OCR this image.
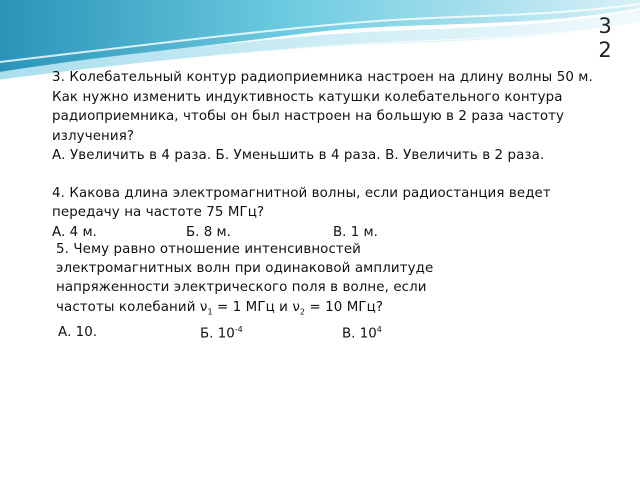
3
2
3. Колебательный контур радиоприемника настроен на длину волны 50 м. Как нужно изменить индуктивность катушки колебательного контура радиоприемника, чтобы он был настроен на большую в 2 раза частоту излучения?
А. Увеличить в 4 раза. Б. Уменьшить в 4 раза. В. Увеличить в 2 раза.
4. Какова длина электромагнитной волны, если радиостанция ведет передачу на частоте 75 МГц?
А. 4 м.	Б. 8 м.	В. 1 м.
5. Чему равно отношение интенсивностей
электромагнитных волн при одинаковой амплитуде
напряженности электрического поля в волне, если
частоты колебаний $\nu_1 = 1$ МГц и $\nu_2 = 10$ МГц?
А. 10.	Б. $10^{-4}$	В. $10^4$
